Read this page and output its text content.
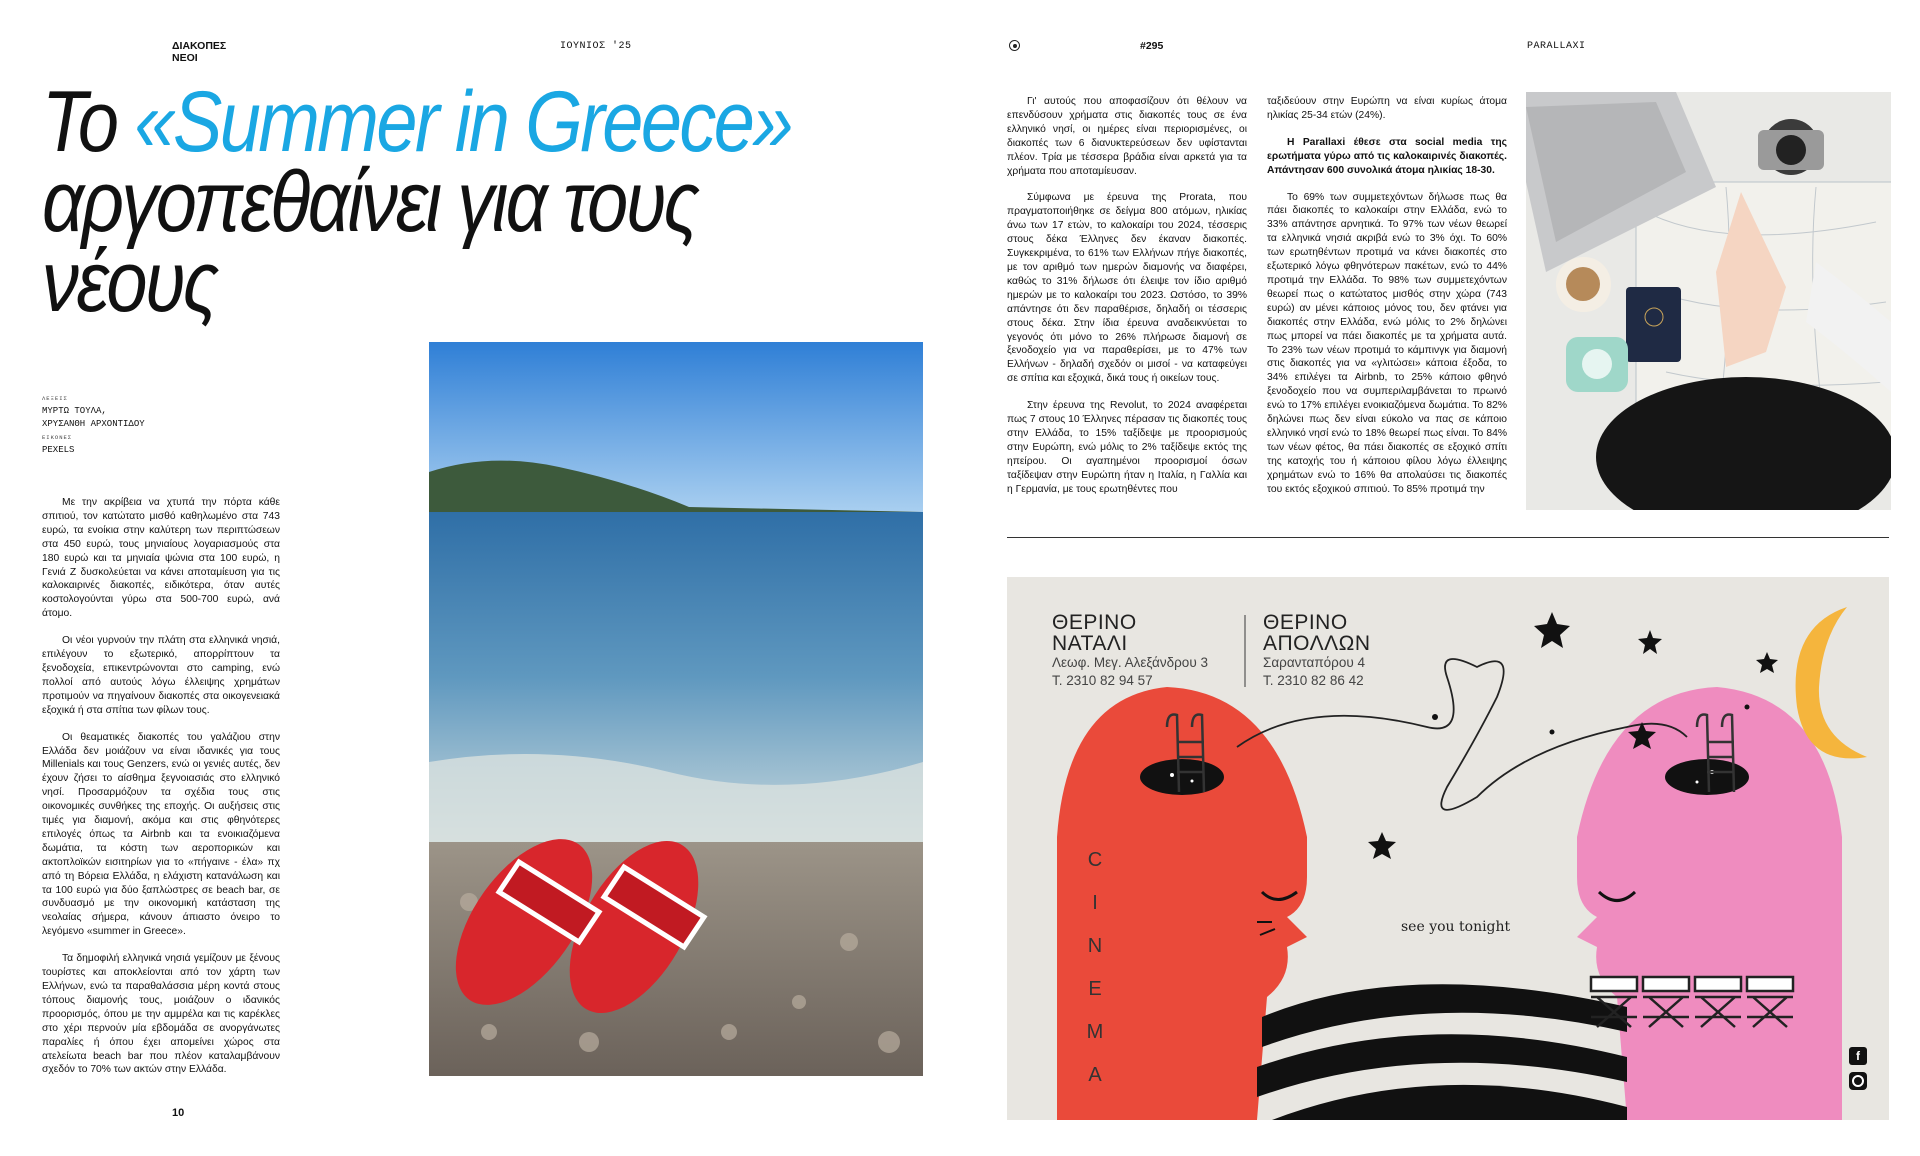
ΔΙΑΚΟΠΕΣ
ΝΕΟΙ
ΙΟΥΝΙΟΣ '25
Το «Summer in Greece»
αργοπεθαίνει για τους
νέους
ΛΕΞΕΙΣ
ΜΥΡΤΩ ΤΟΥΛΑ,
ΧΡΥΣΑΝΘΗ ΑΡΧΟΝΤΙΔΟΥ
ΕΙΚΟΝΕΣ
PEXELS

Με την ακρίβεια να χτυπά την πόρτα κάθε σπιτιού, τον κατώτατο μισθό καθηλωμένο στα 743 ευρώ, τα ενοίκια στην καλύτερη των περιπτώσεων στα 450 ευρώ, τους μηνιαίους λογαριασμούς στα 180 ευρώ και τα μηνιαία ψώνια στα 100 ευρώ, η Γενιά Ζ δυσκολεύεται να κάνει αποταμίευση για τις καλοκαιρινές διακοπές, ειδικότερα, όταν αυτές κοστολογούνται γύρω στα 500-700 ευρώ, ανά άτομο.

Οι νέοι γυρνούν την πλάτη στα ελληνικά νησιά, επιλέγουν το εξωτερικό, απορρίπτουν τα ξενοδοχεία, επικεντρώνονται στο camping, ενώ πολλοί από αυτούς λόγω έλλειψης χρημάτων προτιμούν να πηγαίνουν διακοπές στα οικογενειακά εξοχικά ή στα σπίτια των φίλων τους.

Οι θεαματικές διακοπές του γαλάζιου στην Ελλάδα δεν μοιάζουν να είναι ιδανικές για τους Millenials και τους Genzers, ενώ οι γενιές αυτές, δεν έχουν ζήσει το αίσθημα ξεγνοιασιάς στο ελληνικό νησί. Προσαρμόζουν τα σχέδια τους στις οικονομικές συνθήκες της εποχής. Οι αυξήσεις στις τιμές για διαμονή, ακόμα και στις φθηνότερες επιλογές όπως τα Airbnb και τα ενοικιαζόμενα δωμάτια, τα κόστη των αεροπορικών και ακτοπλοϊκών εισιτηρίων για το «πήγαινε - έλα» πχ από τη Βόρεια Ελλάδα, η ελάχιστη κατανάλωση και τα 100 ευρώ για δύο ξαπλώστρες σε beach bar, σε συνδυασμό με την οικονομική κατάσταση της νεολαίας σήμερα, κάνουν άπιαστο όνειρο το λεγόμενο «summer in Greece».

Τα δημοφιλή ελληνικά νησιά γεμίζουν με ξένους τουρίστες και αποκλείονται από τον χάρτη των Ελλήνων, ενώ τα παραθαλάσσια μέρη κοντά στους τόπους διαμονής τους, μοιάζουν ο ιδανικός προορισμός, όπου με την αμμρέλα και τις καρέκλες στο χέρι περνούν μία εβδομάδα σε ανοργάνωτες παραλίες ή όπου έχει απομείνει χώρος στα ατελείωτα beach bar που πλέον καταλαμβάνουν σχεδόν το 70% των ακτών στην Ελλάδα.

10
#295	PARALLAXI

Γι' αυτούς που αποφασίζουν ότι θέλουν να επενδύσουν χρήματα στις διακοπές τους σε ένα ελληνικό νησί, οι ημέρες είναι περιορισμένες, οι διακοπές των 6 διανυκτερεύσεων δεν υφίστανται πλέον. Τρία με τέσσερα βράδια είναι αρκετά για τα χρήματα που αποταμίευσαν.

Σύμφωνα με έρευνα της Prorata, που πραγματοποιήθηκε σε δείγμα 800 ατόμων, ηλικίας άνω των 17 ετών, το καλοκαίρι του 2024, τέσσερις στους δέκα Έλληνες δεν έκαναν διακοπές. Συγκεκριμένα, το 61% των Ελλήνων πήγε διακοπές, με τον αριθμό των ημερών διαμονής να διαφέρει, καθώς το 31% δήλωσε ότι έλειψε τον ίδιο αριθμό ημερών με το καλοκαίρι του 2023. Ωστόσο, το 39% απάντησε ότι δεν παραθέρισε, δηλαδή οι τέσσερις στους δέκα. Στην ίδια έρευνα αναδεικνύεται το γεγονός ότι μόνο το 26% πλήρωσε διαμονή σε ξενοδοχείο για να παραθερίσει, με το 47% των Ελλήνων - δηλαδή σχεδόν οι μισοί - να καταφεύγει σε σπίτια και εξοχικά, δικά τους ή οικείων τους.

Στην έρευνα της Revolut, το 2024 αναφέρεται πως 7 στους 10 Έλληνες πέρασαν τις διακοπές τους στην Ελλάδα, το 15% ταξίδεψε με προορισμούς στην Ευρώπη, ενώ μόλις το 2% ταξίδεψε εκτός της ηπείρου. Οι αγαπημένοι προορισμοί όσων ταξίδεψαν στην Ευρώπη ήταν η Ιταλία, η Γαλλία και η Γερμανία, με τους ερωτηθέντες που

ταξιδεύουν στην Ευρώπη να είναι κυρίως άτομα ηλικίας 25-34 ετών (24%).

Η Parallaxi έθεσε στα social media της ερωτήματα γύρω από τις καλοκαιρινές διακοπές. Απάντησαν 600 συνολικά άτομα ηλικίας 18-30.

Το 69% των συμμετεχόντων δήλωσε πως θα πάει διακοπές το καλοκαίρι στην Ελλάδα, ενώ το 33% απάντησε αρνητικά. Το 97% των νέων θεωρεί τα ελληνικά νησιά ακριβά ενώ το 3% όχι. Το 60% των ερωτηθέντων προτιμά να κάνει διακοπές στο εξωτερικό λόγω φθηνότερων πακέτων, ενώ το 44% προτιμά την Ελλάδα. Το 98% των συμμετεχόντων θεωρεί πως ο κατώτατος μισθός στην χώρα (743 ευρώ) αν μένει κάποιος μόνος του, δεν φτάνει για διακοπές στην Ελλάδα, ενώ μόλις το 2% δηλώνει πως μπορεί να πάει διακοπές με τα χρήματα αυτά. Το 23% των νέων προτιμά το κάμπινγκ για διαμονή στις διακοπές για να «γλιτώσει» κάποια έξοδα, το 34% επιλέγει τα Airbnb, το 25% κάποιο φθηνό ξενοδοχείο που να συμπεριλαμβάνεται το πρωινό ενώ το 17% επιλέγει ενοικιαζόμενα δωμάτια. Το 82% δηλώνει πως δεν είναι εύκολο να πας σε κάποιο ελληνικό νησί ενώ το 18% θεωρεί πως είναι. Το 84% των νέων φέτος, θα πάει διακοπές σε εξοχικό σπίτι της κατοχής του ή κάποιου φίλου λόγω έλλειψης χρημάτων ενώ το 16% θα απολαύσει τις διακοπές του εκτός εξοχικού σπιτιού. Το 85% προτιμά την

ΘΕΡΙΝΟ
ΝΑΤΑΛΙ
Λεωφ. Μεγ. Αλεξάνδρου 3
Τ. 2310 82 94 57
ΘΕΡΙΝΟ
ΑΠΟΛΛΩΝ
Σαρανταπόρου 4
Τ. 2310 82 86 42
C
I
N
E
M
A
see you tonight
f
